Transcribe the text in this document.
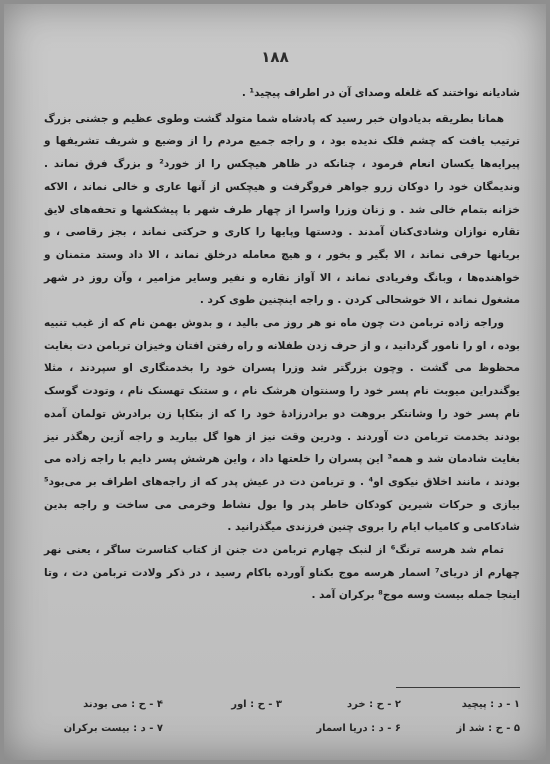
۱۸۸

شادیانه نواختند که غلغله وصدای آن در اطراف پیچید¹ .

همانا بطریقه بدیادوان خبر رسید که پادشاه شما متولد گشت وطوی عظیم و جشنی بزرگ ترتیب یافت که چشم فلک ندیده بود ، و راجه جمیع مردم را از وضیع و شریف تشریفها و پیرایه‌ها یکسان انعام فرمود ، چنانکه در ظاهر هیچکس را از خورد² و بزرگ فرق نماند . وندیمگان خود را دوکان زرو جواهر فروگرفت و هیچکس از آنها عاری و خالی نماند ، الاکه خزانه بتمام خالی شد . و زنان وزرا واسرا از چهار طرف شهر با پیشکشها و تحفه‌های لایق تقاره نوازان وشادی‌کنان آمدند . ودستها وپایها را کاری و حرکتی نماند ، بجز رقاصی ، و بریانها حرفی نماند ، الا بگیر و بخور ، و هیچ معامله درخلق نماند ، الا داد وستد متمنان و خواهنده‌ها ، وبانگ وفریادی نماند ، الا آواز نقاره و نفیر وسایر مزامیر ، وآن روز در شهر مشغول نماند ، الا خوشحالی کردن . و راجه اینچنین طوی کرد .

وراجه زاده تربامن دت چون ماه نو هر روز می بالید ، و بدوش بهمن نام که از غیب تنبیه بوده ، او را نامور گردانید ، و از حرف زدن طفلانه و راه رفتن افتان وخیزان تربامن دت بغایت محظوظ می گشت . وچون بزرگتر شد وزرا پسران خود را بخدمتگاری او سپردند ، مثلا یوگندراین میوبت نام پسر خود را وسنتوان هرشک نام ، و ستنک تهسنک نام ، وتودت گوسک نام پسر خود را وشانتکر بروهت دو برادرزادهٔ خود را که از بتکاپا زن برادرش تولمان آمده بودند بخدمت تربامن دت آوردند . ودرین وقت نیز از هوا گل بیارید و راجه آزین رهگذر نیز بغایت شادمان شد و همه³ این پسران را خلعتها داد ، واین هرشش پسر دایم با راجه زاده می بودند ، مانند اخلاق نیکوی او⁴ . و تربامن دت در عیش پدر که از راجه‌های اطراف بر می‌بود⁵ بیازی و حرکات شیرین کودکان خاطر پدر وا بول نشاط وخرمی می ساخت و راجه بدین شادکامی و کامیاب ایام را بروی چنین فرزندی میگذرانید .

تمام شد هرسه ترنگ⁶ از لنبک چهارم تربامن دت جنن از کتاب کتاسرت ساگر ، یعنی نهر چهارم از دریای⁷ اسمار هرسه موج بکناو آورده باکام رسید ، در ذکر ولادت تربامن دت ، وتا اینجا جمله بیست وسه موج⁸ برکران آمد .

۱ - د : پیچید
۲ - ح : خرد
۳ - ح : اور
۴ - ح : می بودند
۵ - ح : شد از
۶ - د : دریا اسمار
۷ - د : بیست برکران
